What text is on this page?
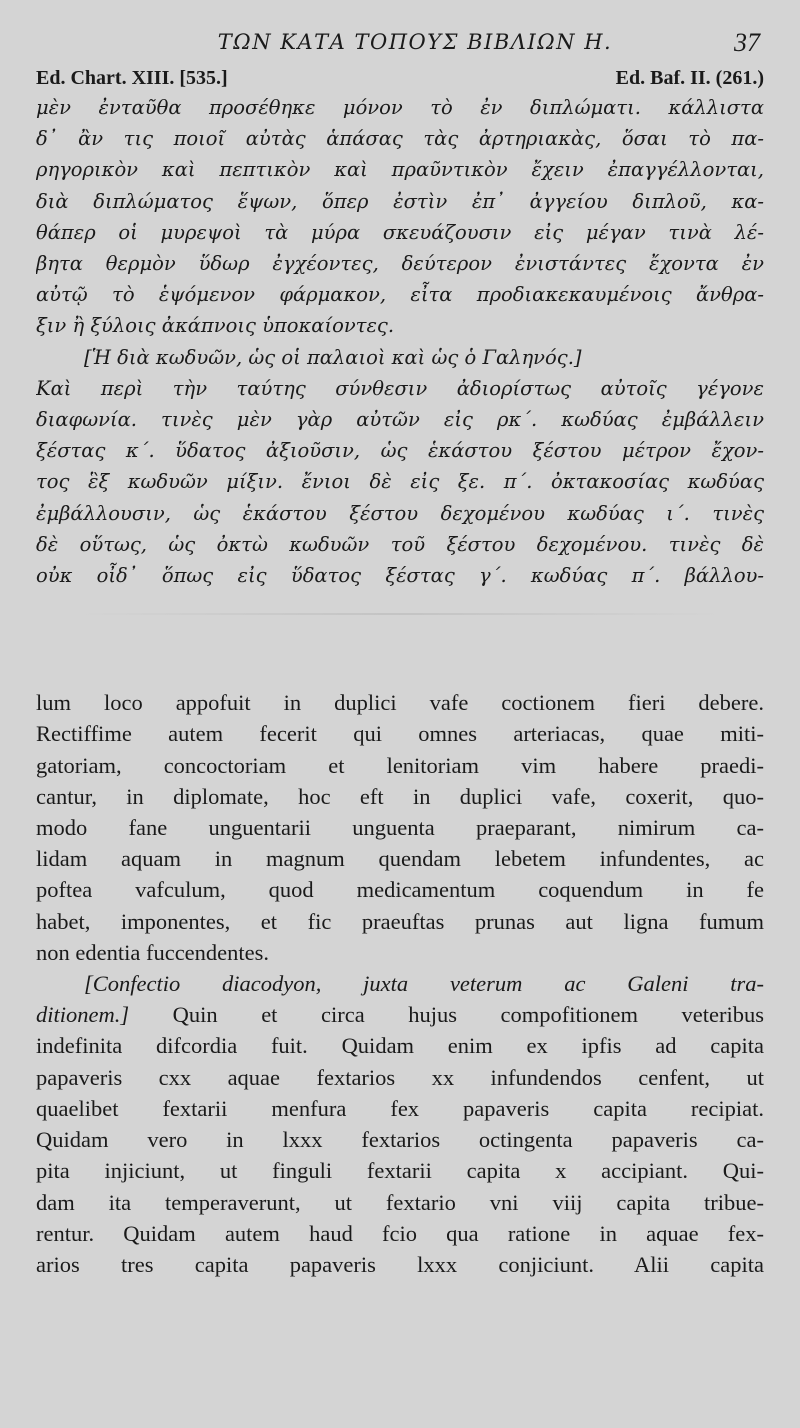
ΤΩΝ ΚΑΤΑ ΤΟΠΟΥΣ ΒΙΒΛΙΩΝ Η.	37
Ed. Chart. XIII. [535.]	Ed. Baf. II. (261.)
μὲν ἐνταῦθα προσέθηκε μόνον τὸ ἐν διπλώματι. κάλλιστα
δ᾽ ἂν τις ποιοῖ αὐτὰς ἁπάσας τὰς ἀρτηριακὰς, ὅσαι τὸ πα-
ρηγορικὸν καὶ πεπτικὸν καὶ πραῦντικὸν ἔχειν ἐπαγγέλλονται,
διὰ διπλώματος ἕψων, ὅπερ ἐστὶν ἐπ᾽ ἀγγείου διπλοῦ, κα-
θάπερ οἱ μυρεψοὶ τὰ μύρα σκευάζουσιν εἰς μέγαν τινὰ λέ-
βητα θερμὸν ὕδωρ ἐγχέοντες, δεύτερον ἐνιστάντες ἔχοντα ἐν
αὐτῷ τὸ ἑψόμενον φάρμακον, εἶτα προδιακεκαυμένοις ἄνθρα-
ξιν ἢ ξύλοις ἀκάπνοις ὑποκαίοντες.
[Ἡ διὰ κωδυῶν, ὡς οἱ παλαιοὶ καὶ ὡς ὁ Γαληνός.]
Καὶ περὶ τὴν ταύτης σύνθεσιν ἀδιορίστως αὐτοῖς γέγονε
διαφωνία. τινὲς μὲν γὰρ αὐτῶν εἰς ρκ΄. κωδύας ἐμβάλλειν
ξέστας κ΄. ὕδατος ἀξιοῦσιν, ὡς ἑκάστου ξέστου μέτρον ἔχον-
τος ἓξ κωδυῶν μίξιν. ἔνιοι δὲ εἰς ξε. π΄. ὀκτακοσίας κωδύας
ἐμβάλλουσιν, ὡς ἑκάστου ξέστου δεχομένου κωδύας ι΄. τινὲς
δὲ οὕτως, ὡς ὀκτὼ κωδυῶν τοῦ ξέστου δεχομένου. τινὲς δὲ
οὐκ οἶδ᾽ ὅπως εἰς ὕδατος ξέστας γ΄. κωδύας π΄. βάλλου-
lum loco appofuit in duplici vafe coctionem fieri debere.
Rectiffime autem fecerit qui omnes arteriacas, quae miti-
gatoriam, concoctoriam et lenitoriam vim habere praedi-
cantur, in diplomate, hoc eft in duplici vafe, coxerit, quo-
modo fane unguentarii unguenta praeparant, nimirum ca-
lidam aquam in magnum quendam lebetem infundentes, ac
poftea vafculum, quod medicamentum coquendum in fe
habet, imponentes, et fic praeuftas prunas aut ligna fumum
non edentia fuccendentes.
[Confectio diacodyon, juxta veterum ac Galeni tra-
ditionem.] Quin et circa hujus compofitionem veteribus
indefinita difcordia fuit. Quidam enim ex ipfis ad capita
papaveris cxx aquae fextarios xx infundendos cenfent, ut
quaelibet fextarii menfura fex papaveris capita recipiat.
Quidam vero in lxxx fextarios octingenta papaveris ca-
pita injiciunt, ut finguli fextarii capita x accipiant. Qui-
dam ita temperaverunt, ut fextario vni viij capita tribue-
rentur. Quidam autem haud fcio qua ratione in aquae fex-
arios tres capita papaveris lxxx conjiciunt. Alii capita
